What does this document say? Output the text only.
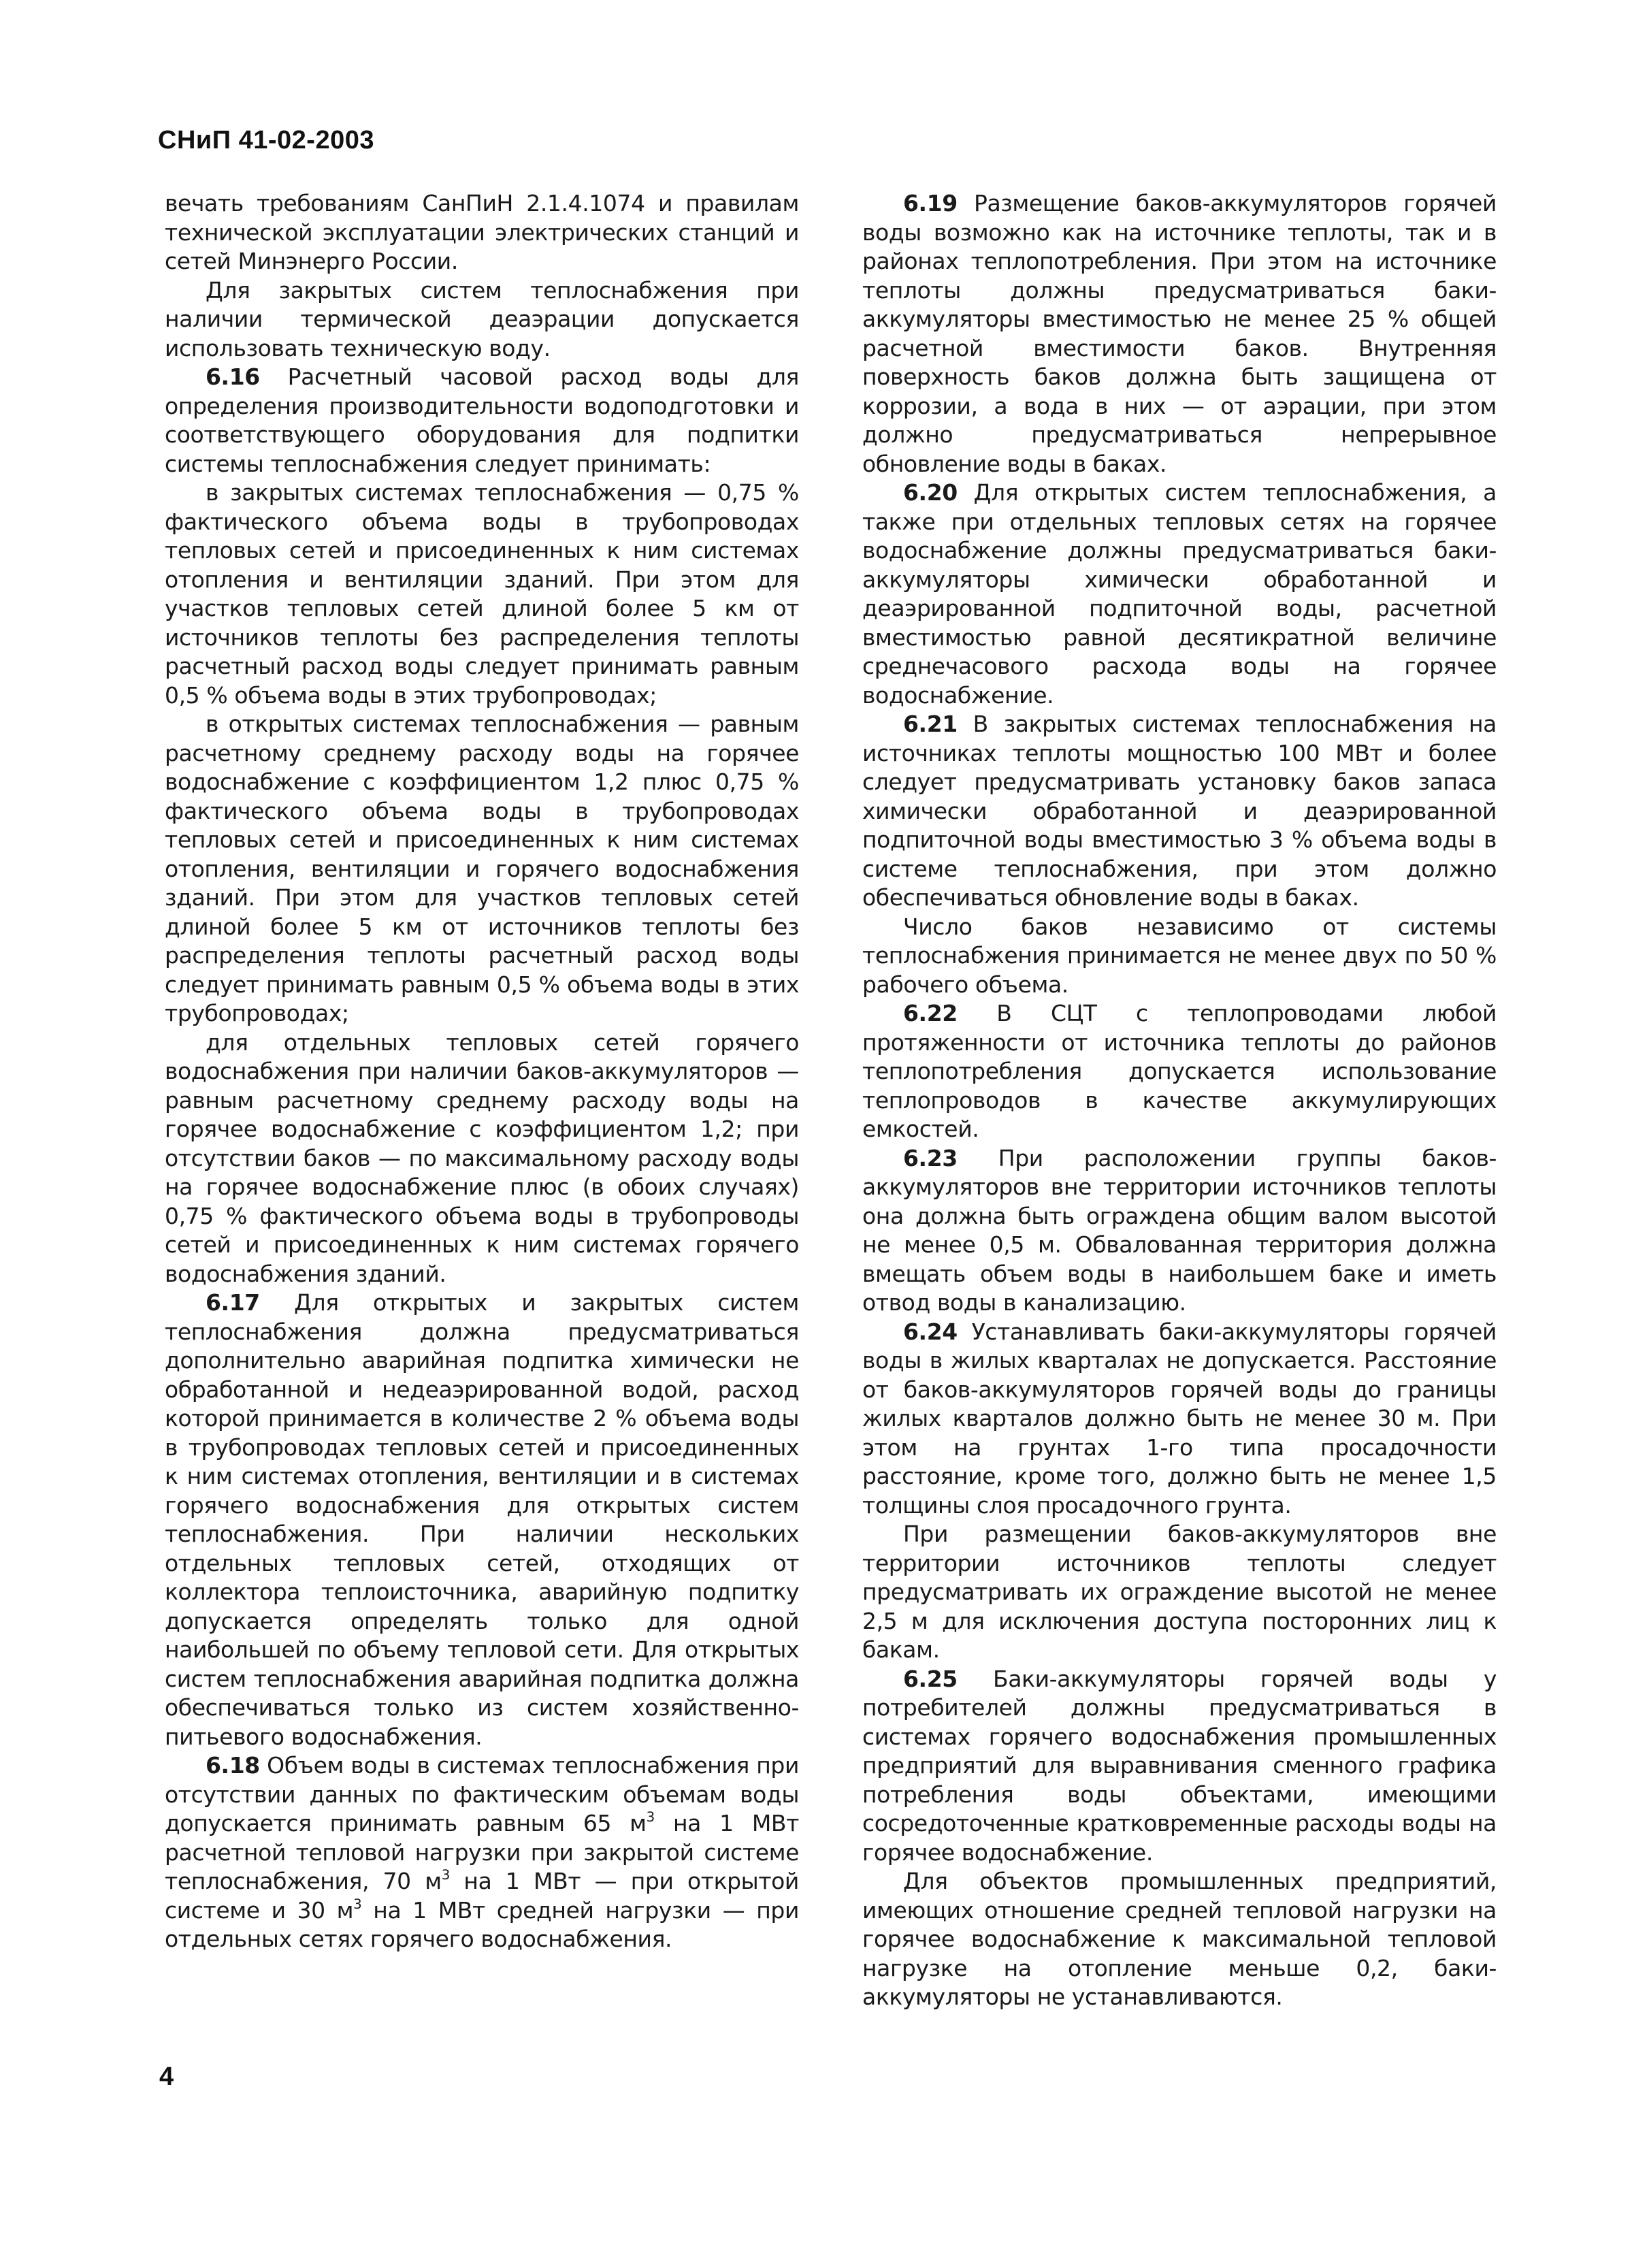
СНиП 41-02-2003

вечать требованиям СанПиН 2.1.4.1074 и правилам технической эксплуатации электрических станций и сетей Минэнерго России.

Для закрытых систем теплоснабжения при наличии термической деаэрации допускается использовать техническую воду.

6.16 Расчетный часовой расход воды для определения производительности водоподготовки и соответствующего оборудования для подпитки системы теплоснабжения следует принимать:

в закрытых системах теплоснабжения — 0,75 % фактического объема воды в трубопроводах тепловых сетей и присоединенных к ним системах отопления и вентиляции зданий. При этом для участков тепловых сетей длиной более 5 км от источников теплоты без распределения теплоты расчетный расход воды следует принимать равным 0,5 % объема воды в этих трубопроводах;

в открытых системах теплоснабжения — равным расчетному среднему расходу воды на горячее водоснабжение с коэффициентом 1,2 плюс 0,75 % фактического объема воды в трубопроводах тепловых сетей и присоединенных к ним системах отопления, вентиляции и горячего водоснабжения зданий. При этом для участков тепловых сетей длиной более 5 км от источников теплоты без распределения теплоты расчетный расход воды следует принимать равным 0,5 % объема воды в этих трубопроводах;

для отдельных тепловых сетей горячего водоснабжения при наличии баков-аккумуляторов — равным расчетному среднему расходу воды на горячее водоснабжение с коэффициентом 1,2; при отсутствии баков — по максимальному расходу воды на горячее водоснабжение плюс (в обоих случаях) 0,75 % фактического объема воды в трубопроводы сетей и присоединенных к ним системах горячего водоснабжения зданий.

6.17 Для открытых и закрытых систем теплоснабжения должна предусматриваться дополнительно аварийная подпитка химически не обработанной и недеаэрированной водой, расход которой принимается в количестве 2 % объема воды в трубопроводах тепловых сетей и присоединенных к ним системах отопления, вентиляции и в системах горячего водоснабжения для открытых систем теплоснабжения. При наличии нескольких отдельных тепловых сетей, отходящих от коллектора теплоисточника, аварийную подпитку допускается определять только для одной наибольшей по объему тепловой сети. Для открытых систем теплоснабжения аварийная подпитка должна обеспечиваться только из систем хозяйственно-питьевого водоснабжения.

6.18 Объем воды в системах теплоснабжения при отсутствии данных по фактическим объемам воды допускается принимать равным 65 $м^3$ на 1 МВт расчетной тепловой нагрузки при закрытой системе теплоснабжения, 70 $м^3$ на 1 МВт — при открытой системе и 30 $м^3$ на 1 МВт средней нагрузки — при отдельных сетях горячего водоснабжения.

6.19 Размещение баков-аккумуляторов горячей воды возможно как на источнике теплоты, так и в районах теплопотребления. При этом на источнике теплоты должны предусматриваться баки-аккумуляторы вместимостью не менее 25 % общей расчетной вместимости баков. Внутренняя поверхность баков должна быть защищена от коррозии, а вода в них — от аэрации, при этом должно предусматриваться непрерывное обновление воды в баках.

6.20 Для открытых систем теплоснабжения, а также при отдельных тепловых сетях на горячее водоснабжение должны предусматриваться баки-аккумуляторы химически обработанной и деаэрированной подпиточной воды, расчетной вместимостью равной десятикратной величине среднечасового расхода воды на горячее водоснабжение.

6.21 В закрытых системах теплоснабжения на источниках теплоты мощностью 100 МВт и более следует предусматривать установку баков запаса химически обработанной и деаэрированной подпиточной воды вместимостью 3 % объема воды в системе теплоснабжения, при этом должно обеспечиваться обновление воды в баках.

Число баков независимо от системы теплоснабжения принимается не менее двух по 50 % рабочего объема.

6.22 В СЦТ с теплопроводами любой протяженности от источника теплоты до районов теплопотребления допускается использование теплопроводов в качестве аккумулирующих емкостей.

6.23 При расположении группы баков-аккумуляторов вне территории источников теплоты она должна быть ограждена общим валом высотой не менее 0,5 м. Обвалованная территория должна вмещать объем воды в наибольшем баке и иметь отвод воды в канализацию.

6.24 Устанавливать баки-аккумуляторы горячей воды в жилых кварталах не допускается. Расстояние от баков-аккумуляторов горячей воды до границы жилых кварталов должно быть не менее 30 м. При этом на грунтах 1-го типа просадочности расстояние, кроме того, должно быть не менее 1,5 толщины слоя просадочного грунта.

При размещении баков-аккумуляторов вне территории источников теплоты следует предусматривать их ограждение высотой не менее 2,5 м для исключения доступа посторонних лиц к бакам.

6.25 Баки-аккумуляторы горячей воды у потребителей должны предусматриваться в системах горячего водоснабжения промышленных предприятий для выравнивания сменного графика потребления воды объектами, имеющими сосредоточенные кратковременные расходы воды на горячее водоснабжение.

Для объектов промышленных предприятий, имеющих отношение средней тепловой нагрузки на горячее водоснабжение к максимальной тепловой нагрузке на отопление меньше 0,2, баки-аккумуляторы не устанавливаются.

4
